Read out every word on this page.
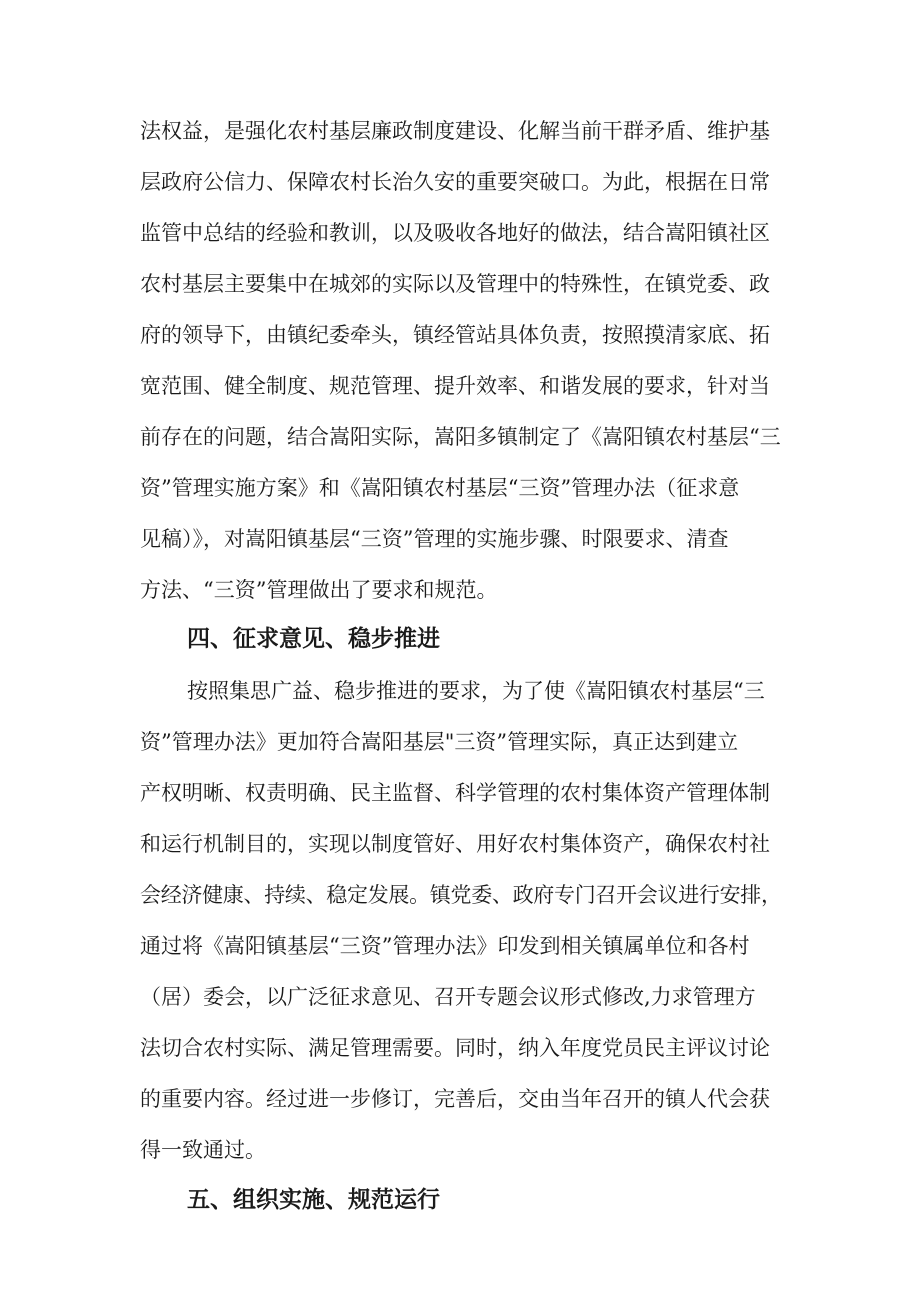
法权益，是强化农村基层廉政制度建设、化解当前干群矛盾、维护基

层政府公信力、保障农村长治久安的重要突破口。为此，根据在日常

监管中总结的经验和教训，以及吸收各地好的做法，结合嵩阳镇社区

农村基层主要集中在城郊的实际以及管理中的特殊性，在镇党委、政

府的领导下，由镇纪委牵头，镇经管站具体负责，按照摸清家底、拓

宽范围、健全制度、规范管理、提升效率、和谐发展的要求，针对当

前存在的问题，结合嵩阳实际，嵩阳多镇制定了《嵩阳镇农村基层“三

资”管理实施方案》和《嵩阳镇农村基层“三资”管理办法（征求意

见稿）》，对嵩阳镇基层“三资”管理的实施步骤、时限要求、清查

方法、“三资”管理做出了要求和规范。

四、征求意见、稳步推进

按照集思广益、稳步推进的要求，为了使《嵩阳镇农村基层“三

资”管理办法》更加符合嵩阳基层"三资”管理实际，真正达到建立

产权明晰、权责明确、民主监督、科学管理的农村集体资产管理体制

和运行机制目的，实现以制度管好、用好农村集体资产，确保农村社

会经济健康、持续、稳定发展。镇党委、政府专门召开会议进行安排，

通过将《嵩阳镇基层“三资”管理办法》印发到相关镇属单位和各村

（居）委会，以广泛征求意见、召开专题会议形式修改,力求管理方

法切合农村实际、满足管理需要。同时，纳入年度党员民主评议讨论

的重要内容。经过进一步修订，完善后，交由当年召开的镇人代会获

得一致通过。

五、组织实施、规范运行
